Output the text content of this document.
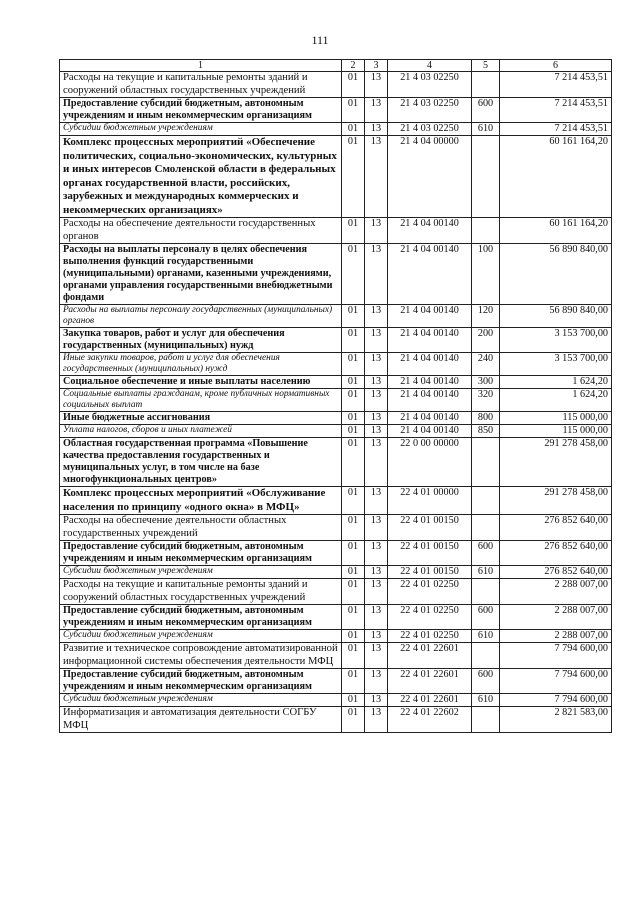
111
1	2	3	4	5	6
Расходы на текущие и капитальные ремонты зданий и сооружений областных государственных учреждений	01	13	21 4 03 02250		7 214 453,51
Предоставление субсидий бюджетным, автономным учреждениям и иным некоммерческим организациям	01	13	21 4 03 02250	600	7 214 453,51
Субсидии бюджетным учреждениям	01	13	21 4 03 02250	610	7 214 453,51
Комплекс процессных мероприятий «Обеспечение политических, социально-экономических, культурных и иных интересов Смоленской области в федеральных органах государственной власти, российских, зарубежных и международных коммерческих и некоммерческих организациях»	01	13	21 4 04 00000		60 161 164,20
Расходы на обеспечение деятельности государственных органов	01	13	21 4 04 00140		60 161 164,20
Расходы на выплаты персоналу в целях обеспечения выполнения функций государственными (муниципальными) органами, казенными учреждениями, органами управления государственными внебюджетными фондами	01	13	21 4 04 00140	100	56 890 840,00
Расходы на выплаты персоналу государственных (муниципальных) органов	01	13	21 4 04 00140	120	56 890 840,00
Закупка товаров, работ и услуг для обеспечения государственных (муниципальных) нужд	01	13	21 4 04 00140	200	3 153 700,00
Иные закупки товаров, работ и услуг для обеспечения государственных (муниципальных) нужд	01	13	21 4 04 00140	240	3 153 700,00
Социальное обеспечение и иные выплаты населению	01	13	21 4 04 00140	300	1 624,20
Социальные выплаты гражданам, кроме публичных нормативных социальных выплат	01	13	21 4 04 00140	320	1 624,20
Иные бюджетные ассигнования	01	13	21 4 04 00140	800	115 000,00
Уплата налогов, сборов и иных платежей	01	13	21 4 04 00140	850	115 000,00
Областная государственная программа «Повышение качества предоставления государственных и муниципальных услуг, в том числе на базе многофункциональных центров»	01	13	22 0 00 00000		291 278 458,00
Комплекс процессных мероприятий «Обслуживание населения по принципу «одного окна» в МФЦ»	01	13	22 4 01 00000		291 278 458,00
Расходы на обеспечение деятельности областных государственных учреждений	01	13	22 4 01 00150		276 852 640,00
Предоставление субсидий бюджетным, автономным учреждениям и иным некоммерческим организациям	01	13	22 4 01 00150	600	276 852 640,00
Субсидии бюджетным учреждениям	01	13	22 4 01 00150	610	276 852 640,00
Расходы на текущие и капитальные ремонты зданий и сооружений областных государственных учреждений	01	13	22 4 01 02250		2 288 007,00
Предоставление субсидий бюджетным, автономным учреждениям и иным некоммерческим организациям	01	13	22 4 01 02250	600	2 288 007,00
Субсидии бюджетным учреждениям	01	13	22 4 01 02250	610	2 288 007,00
Развитие и техническое сопровождение автоматизированной информационной системы обеспечения деятельности МФЦ	01	13	22 4 01 22601		7 794 600,00
Предоставление субсидий бюджетным, автономным учреждениям и иным некоммерческим организациям	01	13	22 4 01 22601	600	7 794 600,00
Субсидии бюджетным учреждениям	01	13	22 4 01 22601	610	7 794 600,00
Информатизация и автоматизация деятельности СОГБУ МФЦ	01	13	22 4 01 22602		2 821 583,00
